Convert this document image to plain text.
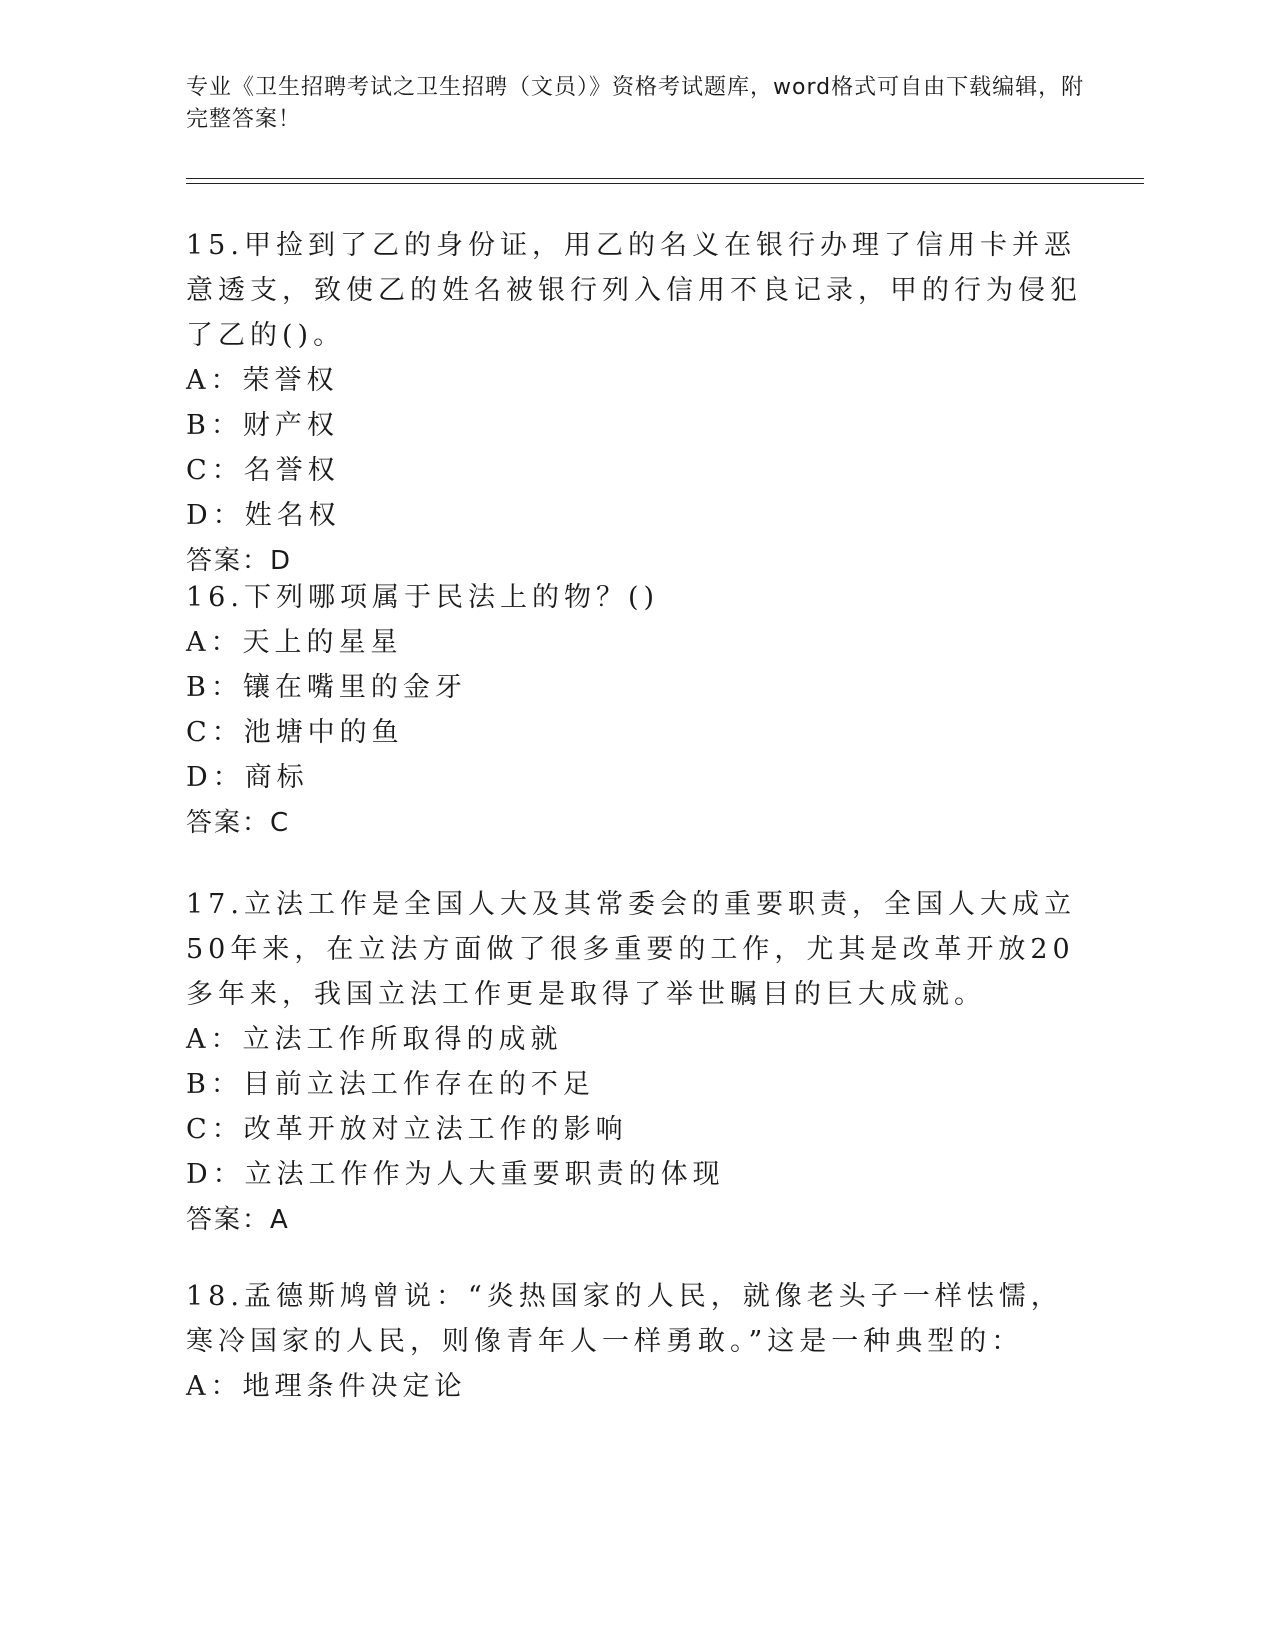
专业《卫生招聘考试之卫生招聘（文员）》资格考试题库，word格式可自由下载编辑，附完整答案！
15.甲捡到了乙的身份证，用乙的名义在银行办理了信用卡并恶意透支，致使乙的姓名被银行列入信用不良记录，甲的行为侵犯了乙的()。
A：荣誉权
B：财产权
C：名誉权
D：姓名权
答案：D
16.下列哪项属于民法上的物？()
A：天上的星星
B：镶在嘴里的金牙
C：池塘中的鱼
D：商标
答案：C
17.立法工作是全国人大及其常委会的重要职责，全国人大成立50年来，在立法方面做了很多重要的工作，尤其是改革开放20多年来，我国立法工作更是取得了举世瞩目的巨大成就。
A：立法工作所取得的成就
B：目前立法工作存在的不足
C：改革开放对立法工作的影响
D：立法工作作为人大重要职责的体现
答案：A
18.孟德斯鸠曾说：“炎热国家的人民，就像老头子一样怯懦，寒冷国家的人民，则像青年人一样勇敢。”这是一种典型的：
A：地理条件决定论
